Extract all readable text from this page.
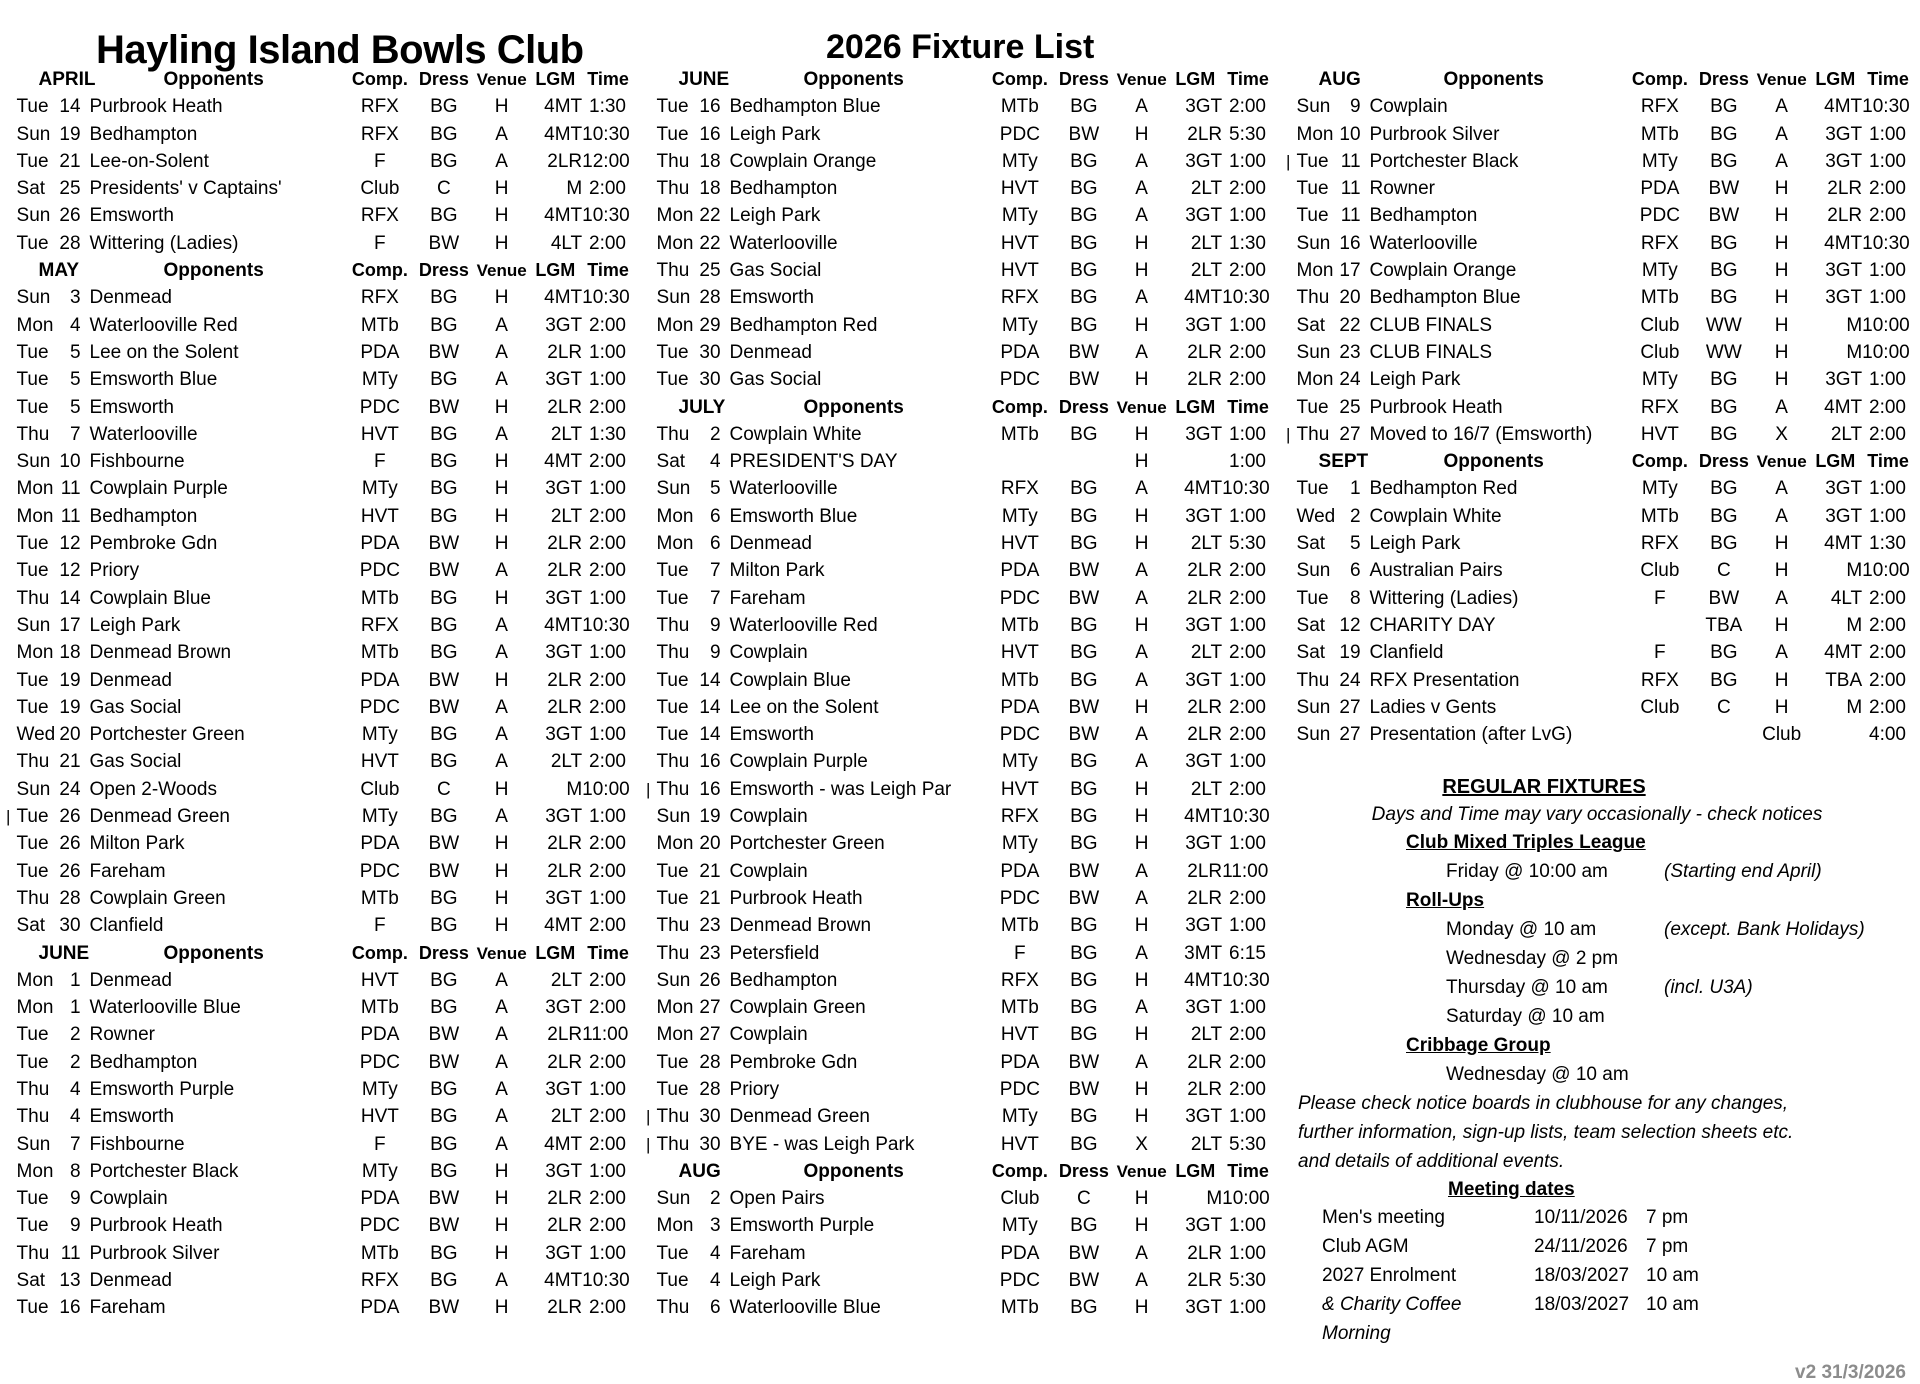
Hayling Island Bowls Club	2026 Fixture List
	APRIL		Opponents	Comp.	Dress	Venue	LGM	Time
	Tue	14	Purbrook Heath	RFX	BG	H	4MT	1:30
	Sun	19	Bedhampton	RFX	BG	A	4MT	10:30
	Tue	21	Lee-on-Solent	F	BG	A	2LR	12:00
	Sat	25	Presidents' v Captains'	Club	C	H	M	2:00
	Sun	26	Emsworth	RFX	BG	H	4MT	10:30
	Tue	28	Wittering (Ladies)	F	BW	H	4LT	2:00
	MAY		Opponents	Comp.	Dress	Venue	LGM	Time
	Sun	3	Denmead	RFX	BG	H	4MT	10:30
	Mon	4	Waterlooville Red	MTb	BG	A	3GT	2:00
	Tue	5	Lee on the Solent	PDA	BW	A	2LR	1:00
	Tue	5	Emsworth Blue	MTy	BG	A	3GT	1:00
	Tue	5	Emsworth	PDC	BW	H	2LR	2:00
	Thu	7	Waterlooville	HVT	BG	A	2LT	1:30
	Sun	10	Fishbourne	F	BG	H	4MT	2:00
	Mon	11	Cowplain Purple	MTy	BG	H	3GT	1:00
	Mon	11	Bedhampton	HVT	BG	H	2LT	2:00
	Tue	12	Pembroke Gdn	PDA	BW	H	2LR	2:00
	Tue	12	Priory	PDC	BW	A	2LR	2:00
	Thu	14	Cowplain Blue	MTb	BG	H	3GT	1:00
	Sun	17	Leigh Park	RFX	BG	A	4MT	10:30
	Mon	18	Denmead Brown	MTb	BG	A	3GT	1:00
	Tue	19	Denmead	PDA	BW	H	2LR	2:00
	Tue	19	Gas Social	PDC	BW	A	2LR	2:00
	Wed	20	Portchester Green	MTy	BG	A	3GT	1:00
	Thu	21	Gas Social	HVT	BG	A	2LT	2:00
	Sun	24	Open 2-Woods	Club	C	H	M	10:00
|	Tue	26	Denmead Green	MTy	BG	A	3GT	1:00
	Tue	26	Milton Park	PDA	BW	H	2LR	2:00
	Tue	26	Fareham	PDC	BW	H	2LR	2:00
	Thu	28	Cowplain Green	MTb	BG	H	3GT	1:00
	Sat	30	Clanfield	F	BG	H	4MT	2:00
	JUNE		Opponents	Comp.	Dress	Venue	LGM	Time
	Mon	1	Denmead	HVT	BG	A	2LT	2:00
	Mon	1	Waterlooville Blue	MTb	BG	A	3GT	2:00
	Tue	2	Rowner	PDA	BW	A	2LR	11:00
	Tue	2	Bedhampton	PDC	BW	A	2LR	2:00
	Thu	4	Emsworth Purple	MTy	BG	A	3GT	1:00
	Thu	4	Emsworth	HVT	BG	A	2LT	2:00
	Sun	7	Fishbourne	F	BG	A	4MT	2:00
	Mon	8	Portchester Black	MTy	BG	H	3GT	1:00
	Tue	9	Cowplain	PDA	BW	H	2LR	2:00
	Tue	9	Purbrook Heath	PDC	BW	H	2LR	2:00
	Thu	11	Purbrook Silver	MTb	BG	H	3GT	1:00
	Sat	13	Denmead	RFX	BG	A	4MT	10:30
	Tue	16	Fareham	PDA	BW	H	2LR	2:00
	JUNE		Opponents	Comp.	Dress	Venue	LGM	Time
	Tue	16	Bedhampton Blue	MTb	BG	A	3GT	2:00
	Tue	16	Leigh Park	PDC	BW	H	2LR	5:30
	Thu	18	Cowplain Orange	MTy	BG	A	3GT	1:00
	Thu	18	Bedhampton	HVT	BG	A	2LT	2:00
	Mon	22	Leigh Park	MTy	BG	A	3GT	1:00
	Mon	22	Waterlooville	HVT	BG	H	2LT	1:30
	Thu	25	Gas Social	HVT	BG	H	2LT	2:00
	Sun	28	Emsworth	RFX	BG	A	4MT	10:30
	Mon	29	Bedhampton Red	MTy	BG	H	3GT	1:00
	Tue	30	Denmead	PDA	BW	A	2LR	2:00
	Tue	30	Gas Social	PDC	BW	H	2LR	2:00
	JULY		Opponents	Comp.	Dress	Venue	LGM	Time
	Thu	2	Cowplain White	MTb	BG	H	3GT	1:00
	Sat	4	PRESIDENT'S DAY			H		1:00
	Sun	5	Waterlooville	RFX	BG	A	4MT	10:30
	Mon	6	Emsworth Blue	MTy	BG	H	3GT	1:00
	Mon	6	Denmead	HVT	BG	H	2LT	5:30
	Tue	7	Milton Park	PDA	BW	A	2LR	2:00
	Tue	7	Fareham	PDC	BW	A	2LR	2:00
	Thu	9	Waterlooville Red	MTb	BG	H	3GT	1:00
	Thu	9	Cowplain	HVT	BG	A	2LT	2:00
	Tue	14	Cowplain Blue	MTb	BG	A	3GT	1:00
	Tue	14	Lee on the Solent	PDA	BW	H	2LR	2:00
	Tue	14	Emsworth	PDC	BW	A	2LR	2:00
	Thu	16	Cowplain Purple	MTy	BG	A	3GT	1:00
|	Thu	16	Emsworth - was Leigh Par	HVT	BG	H	2LT	2:00
	Sun	19	Cowplain	RFX	BG	H	4MT	10:30
	Mon	20	Portchester Green	MTy	BG	H	3GT	1:00
	Tue	21	Cowplain	PDA	BW	A	2LR	11:00
	Tue	21	Purbrook Heath	PDC	BW	A	2LR	2:00
	Thu	23	Denmead Brown	MTb	BG	H	3GT	1:00
	Thu	23	Petersfield	F	BG	A	3MT	6:15
	Sun	26	Bedhampton	RFX	BG	H	4MT	10:30
	Mon	27	Cowplain Green	MTb	BG	A	3GT	1:00
	Mon	27	Cowplain	HVT	BG	H	2LT	2:00
	Tue	28	Pembroke Gdn	PDA	BW	A	2LR	2:00
	Tue	28	Priory	PDC	BW	H	2LR	2:00
|	Thu	30	Denmead Green	MTy	BG	H	3GT	1:00
|	Thu	30	BYE - was Leigh Park	HVT	BG	X	2LT	5:30
	AUG		Opponents	Comp.	Dress	Venue	LGM	Time
	Sun	2	Open Pairs	Club	C	H	M	10:00
	Mon	3	Emsworth Purple	MTy	BG	H	3GT	1:00
	Tue	4	Fareham	PDA	BW	A	2LR	1:00
	Tue	4	Leigh Park	PDC	BW	A	2LR	5:30
	Thu	6	Waterlooville Blue	MTb	BG	H	3GT	1:00
	AUG		Opponents	Comp.	Dress	Venue	LGM	Time
	Sun	9	Cowplain	RFX	BG	A	4MT	10:30
	Mon	10	Purbrook Silver	MTb	BG	A	3GT	1:00
|	Tue	11	Portchester Black	MTy	BG	A	3GT	1:00
	Tue	11	Rowner	PDA	BW	H	2LR	2:00
	Tue	11	Bedhampton	PDC	BW	H	2LR	2:00
	Sun	16	Waterlooville	RFX	BG	H	4MT	10:30
	Mon	17	Cowplain Orange	MTy	BG	H	3GT	1:00
	Thu	20	Bedhampton Blue	MTb	BG	H	3GT	1:00
	Sat	22	CLUB FINALS	Club	WW	H	M	10:00
	Sun	23	CLUB FINALS	Club	WW	H	M	10:00
	Mon	24	Leigh Park	MTy	BG	H	3GT	1:00
	Tue	25	Purbrook Heath	RFX	BG	A	4MT	2:00
|	Thu	27	Moved to 16/7 (Emsworth)	HVT	BG	X	2LT	2:00
	SEPT		Opponents	Comp.	Dress	Venue	LGM	Time
	Tue	1	Bedhampton Red	MTy	BG	A	3GT	1:00
	Wed	2	Cowplain White	MTb	BG	A	3GT	1:00
	Sat	5	Leigh Park	RFX	BG	H	4MT	1:30
	Sun	6	Australian Pairs	Club	C	H	M	10:00
	Tue	8	Wittering (Ladies)	F	BW	A	4LT	2:00
	Sat	12	CHARITY DAY		TBA	H	M	2:00
	Sat	19	Clanfield	F	BG	A	4MT	2:00
	Thu	24	RFX Presentation	RFX	BG	H	TBA	2:00
	Sun	27	Ladies v Gents	Club	C	H	M	2:00
	Sun	27	Presentation (after LvG)			Club		4:00
REGULAR FIXTURES
Days and Time may vary occasionally - check notices
Club Mixed Triples League
Friday @ 10:00 am	(Starting end April)
Roll-Ups
Monday @ 10 am	(except. Bank Holidays)
Wednesday @ 2 pm
Thursday @ 10 am	(incl. U3A)
Saturday @ 10 am
Cribbage Group
Wednesday @ 10 am
Please check notice boards in clubhouse for any changes,
further information, sign-up lists, team selection sheets etc.
and details of additional events.
Meeting dates
Men's meeting	10/11/2026 7 pm
Club AGM	24/11/2026 7 pm
2027 Enrolment	18/03/2027 10 am
& Charity Coffee Morning
18/03/2027 10 am
v2 31/3/2026
